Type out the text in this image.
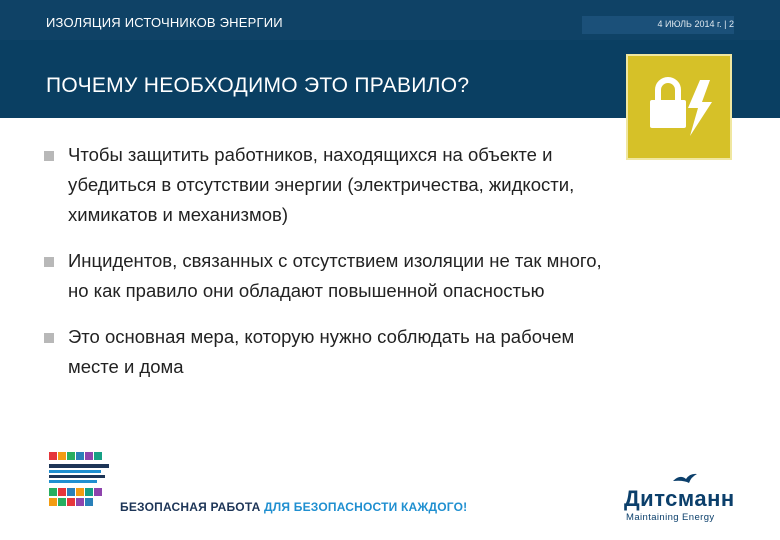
ИЗОЛЯЦИЯ ИСТОЧНИКОВ ЭНЕРГИИ	4 ИЮЛЬ 2014 г. | 2
ПОЧЕМУ НЕОБХОДИМО ЭТО ПРАВИЛО?
Чтобы защитить работников, находящихся на объекте и убедиться в отсутствии энергии (электричества, жидкости, химикатов и механизмов)
Инцидентов, связанных с отсутствием изоляции не так много, но как правило они обладают повышенной опасностью
Это основная мера, которую нужно соблюдать на рабочем месте и дома
БЕЗОПАСНАЯ РАБОТА ДЛЯ БЕЗОПАСНОСТИ КАЖДОГО!	Дитсманн
Maintaining Energy
